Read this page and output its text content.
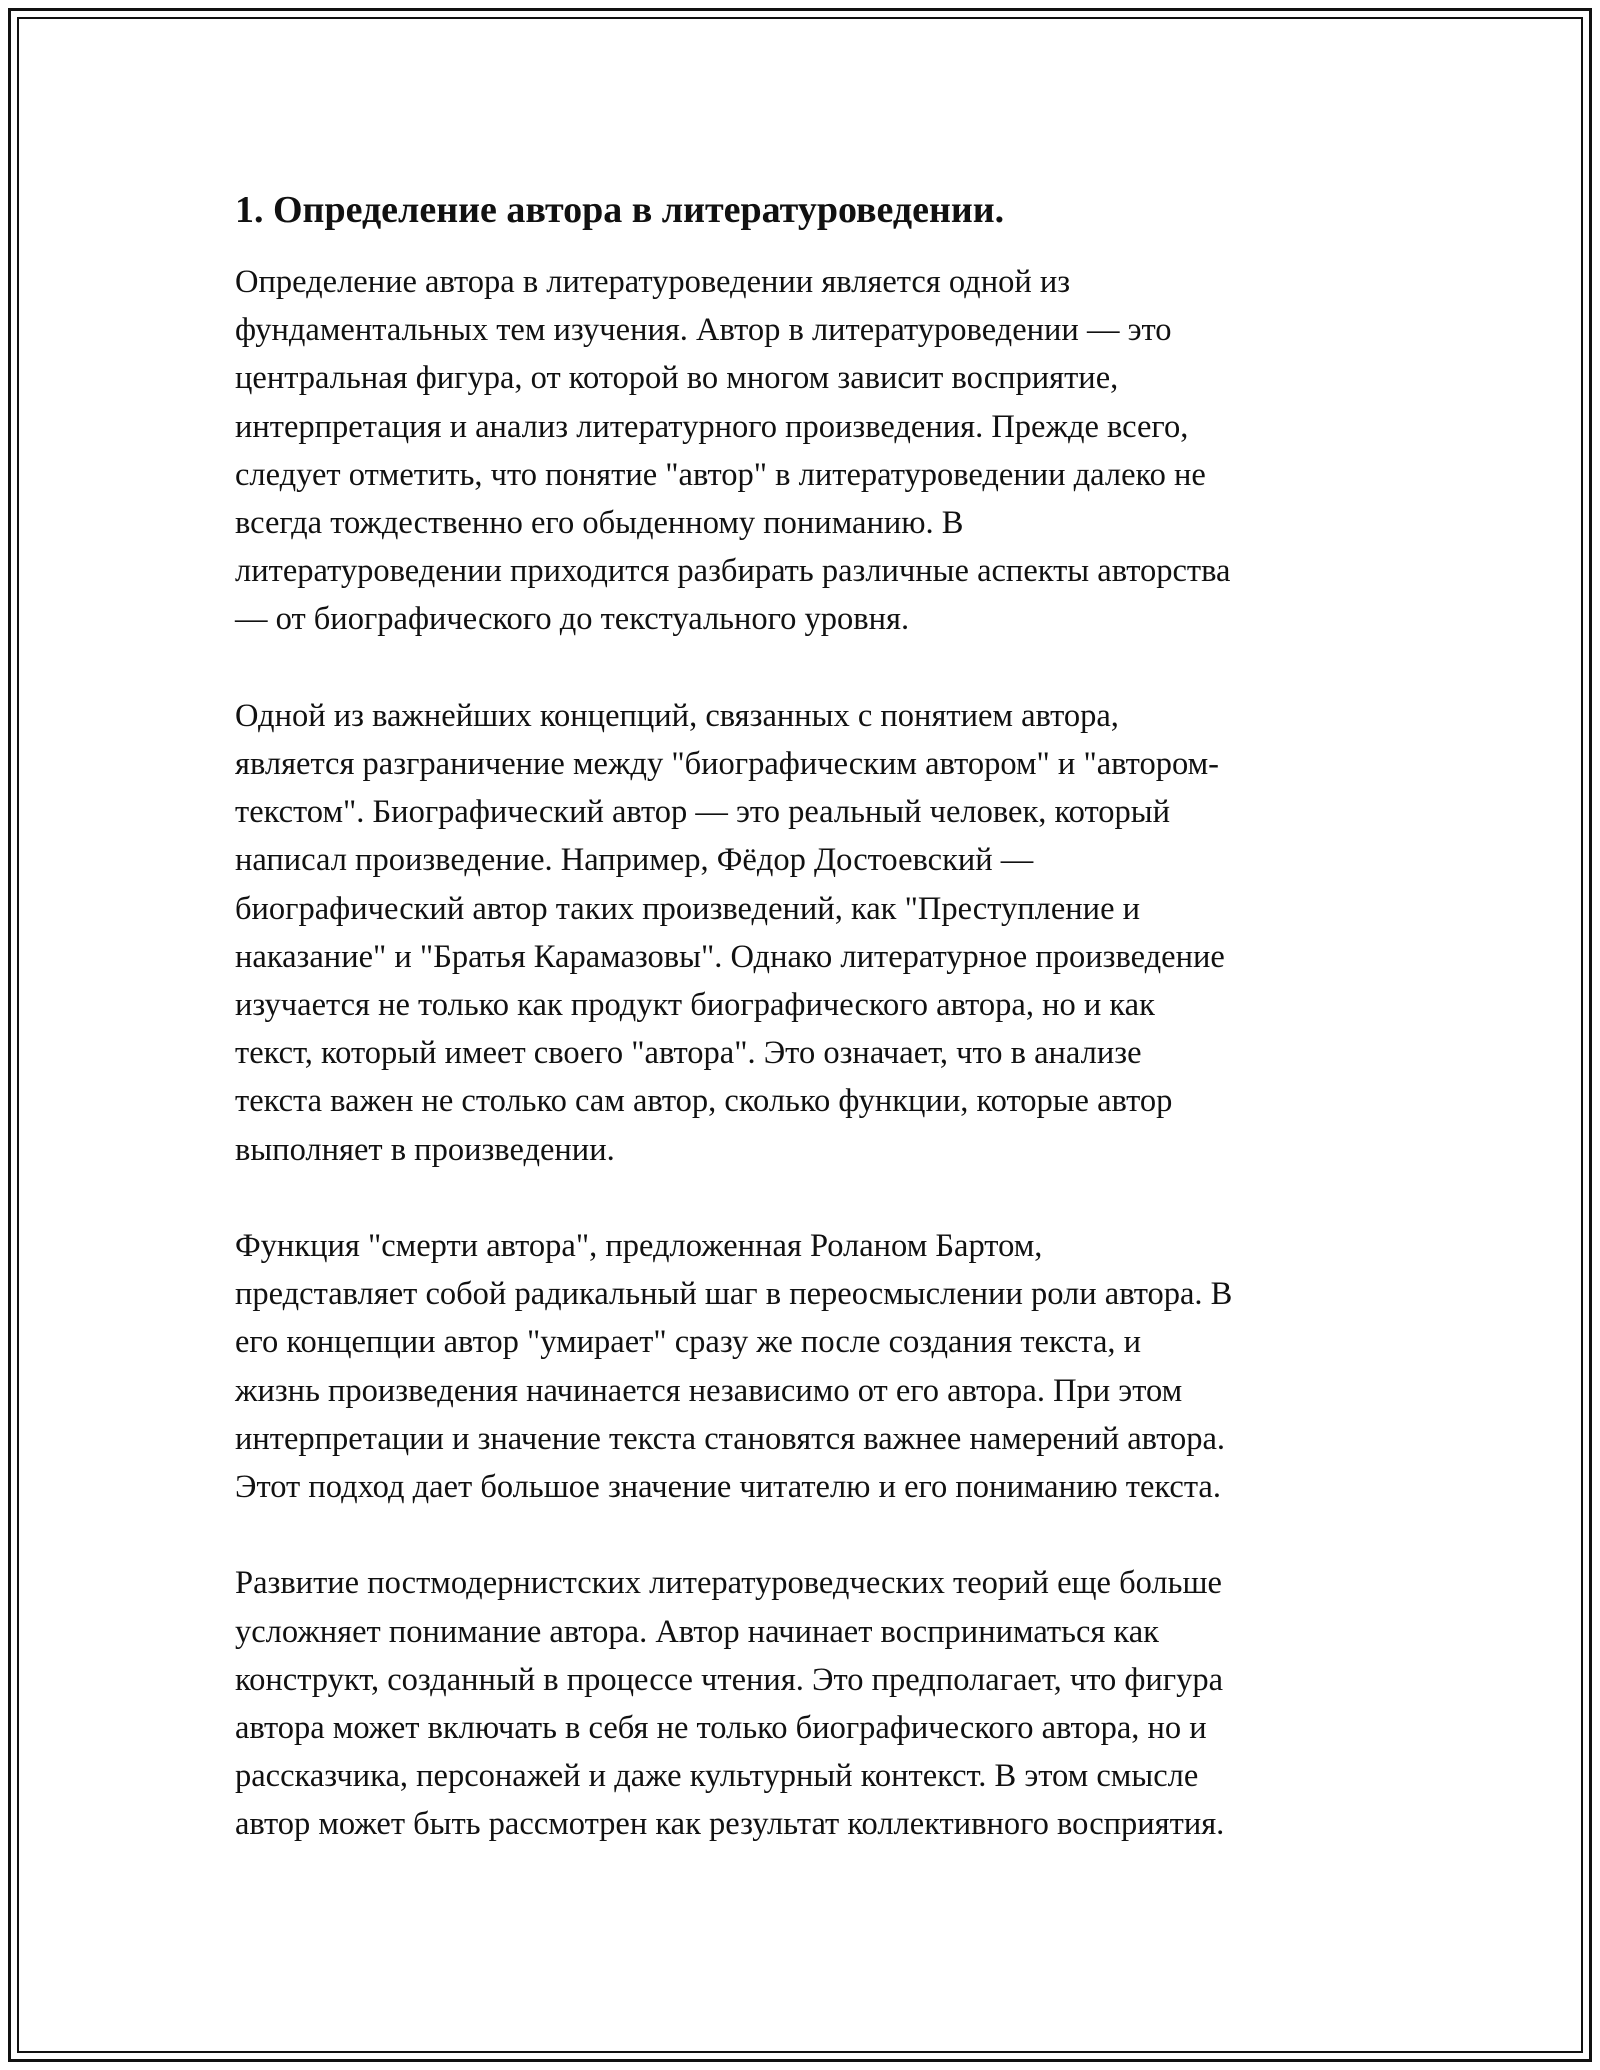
1. Определение автора в литературоведении.

Определение автора в литературоведении является одной из
фундаментальных тем изучения. Автор в литературоведении — это
центральная фигура, от которой во многом зависит восприятие,
интерпретация и анализ литературного произведения. Прежде всего,
следует отметить, что понятие "автор" в литературоведении далеко не
всегда тождественно его обыденному пониманию. В
литературоведении приходится разбирать различные аспекты авторства
— от биографического до текстуального уровня.

Одной из важнейших концепций, связанных с понятием автора,
является разграничение между "биографическим автором" и "автором-
текстом". Биографический автор — это реальный человек, который
написал произведение. Например, Фёдор Достоевский —
биографический автор таких произведений, как "Преступление и
наказание" и "Братья Карамазовы". Однако литературное произведение
изучается не только как продукт биографического автора, но и как
текст, который имеет своего "автора". Это означает, что в анализе
текста важен не столько сам автор, сколько функции, которые автор
выполняет в произведении.

Функция "смерти автора", предложенная Роланом Бартом,
представляет собой радикальный шаг в переосмыслении роли автора. В
его концепции автор "умирает" сразу же после создания текста, и
жизнь произведения начинается независимо от его автора. При этом
интерпретации и значение текста становятся важнее намерений автора.
Этот подход дает большое значение читателю и его пониманию текста.

Развитие постмодернистских литературоведческих теорий еще больше
усложняет понимание автора. Автор начинает восприниматься как
конструкт, созданный в процессе чтения. Это предполагает, что фигура
автора может включать в себя не только биографического автора, но и
рассказчика, персонажей и даже культурный контекст. В этом смысле
автор может быть рассмотрен как результат коллективного восприятия.
